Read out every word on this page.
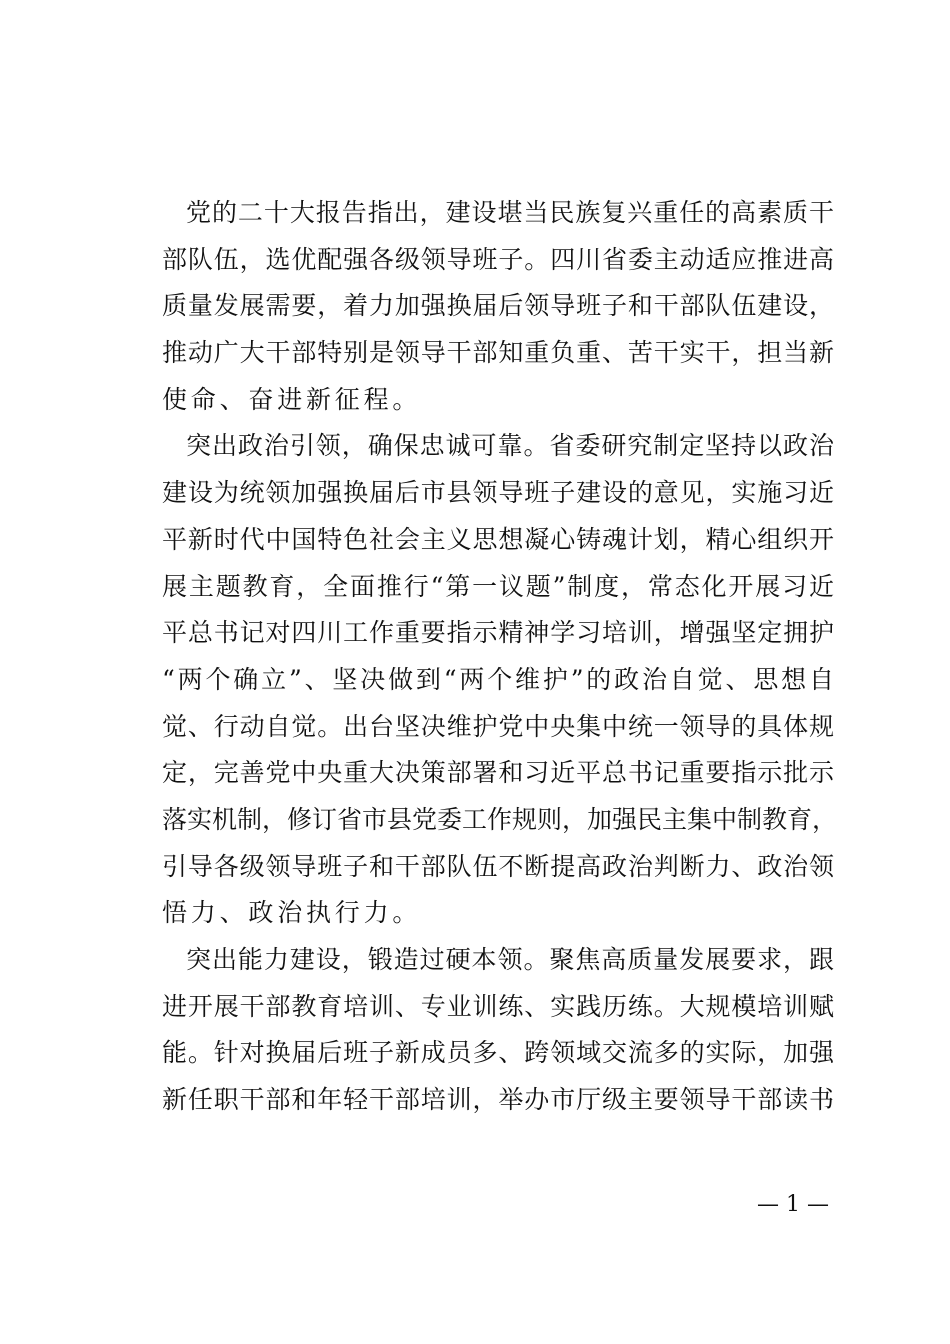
党的二十大报告指出，建设堪当民族复兴重任的高素质干
部队伍，选优配强各级领导班子。四川省委主动适应推进高
质量发展需要，着力加强换届后领导班子和干部队伍建设，
推动广大干部特别是领导干部知重负重、苦干实干，担当新
使命、奋进新征程。
突出政治引领，确保忠诚可靠。省委研究制定坚持以政治
建设为统领加强换届后市县领导班子建设的意见，实施习近
平新时代中国特色社会主义思想凝心铸魂计划，精心组织开
展主题教育，全面推行“第一议题”制度，常态化开展习近
平总书记对四川工作重要指示精神学习培训，增强坚定拥护
“两个确立”、坚决做到“两个维护”的政治自觉、思想自
觉、行动自觉。出台坚决维护党中央集中统一领导的具体规
定，完善党中央重大决策部署和习近平总书记重要指示批示
落实机制，修订省市县党委工作规则，加强民主集中制教育，
引导各级领导班子和干部队伍不断提高政治判断力、政治领
悟力、政治执行力。
突出能力建设，锻造过硬本领。聚焦高质量发展要求，跟
进开展干部教育培训、专业训练、实践历练。大规模培训赋
能。针对换届后班子新成员多、跨领域交流多的实际，加强
新任职干部和年轻干部培训，举办市厅级主要领导干部读书
— 1 —
